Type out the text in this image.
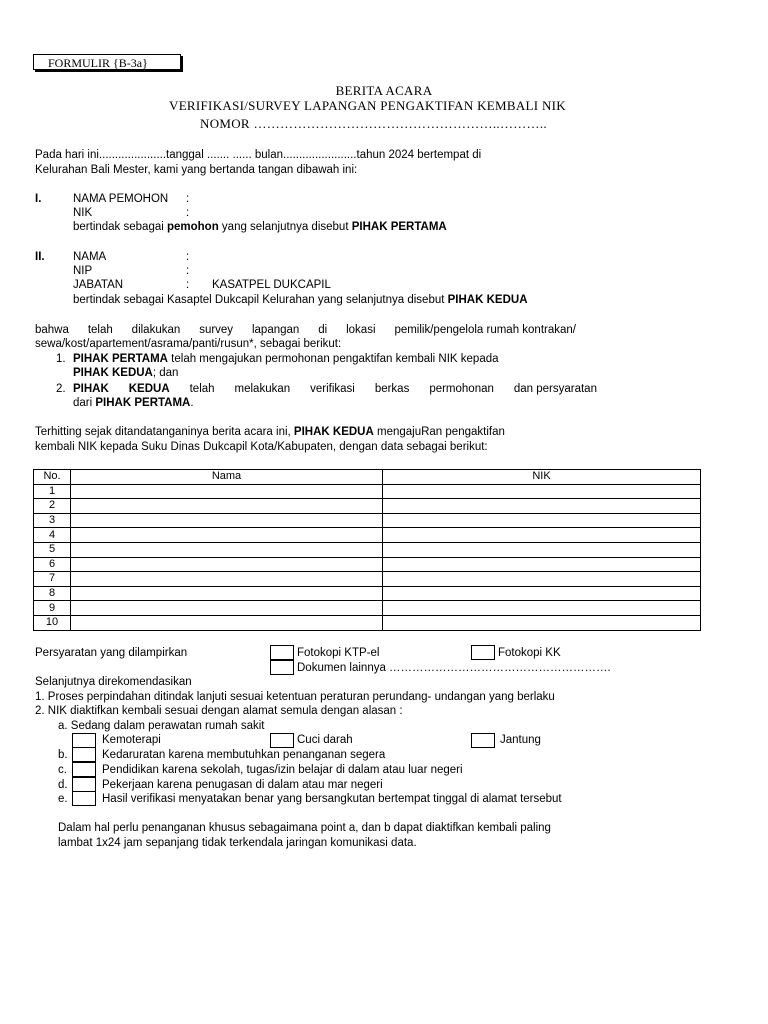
FORMULIR {B-3a}
BERITA ACARA
VERIFIKASI/SURVEY LAPANGAN PENGAKTIFAN KEMBALI NIK
NOMOR ………………………………………………..………..
Pada hari ini.....................tanggal ....... ...... bulan.......................tahun 2024 bertempat di
Kelurahan Bali Mester, kami yang bertanda tangan dibawah ini:
I.	NAMA PEMOHON :
NIK	:
bertindak sebagai pemohon yang selanjutnya disebut PIHAK PERTAMA
II. NAMA	:
NIP	:
JABATAN	: KASATPEL DUKCAPIL
bertindak sebagai Kasaptel Dukcapil Kelurahan yang selanjutnya disebut PIHAK KEDUA
bahwa telah dilakukan survey lapangan di lokasi pemilik/pengelola rumah kontrakan/
sewa/kost/apartement/asrama/panti/rusun*, sebagai berikut:
1. PIHAK PERTAMA telah mengajukan permohonan pengaktifan kembali NIK kepada
PIHAK KEDUA; dan
2. PIHAK KEDUA telah melakukan verifikasi berkas permohonan dan persyaratan
dari PIHAK PERTAMA.
Terhitting sejak ditandatanganinya berita acara ini, PIHAK KEDUA mengajuRan pengaktifan
kembali NIK kepada Suku Dinas Dukcapil Kota/Kabupaten, dengan data sebagai berikut:
No.	Nama	NIK
1		
2		
3		
4		
5		
6		
7		
8		
9		
10		
Persyaratan yang dilampirkan	Fotokopi KTP-el	Fotokopi KK
Dokumen lainnya ………………………………………………….
Selanjutnya direkomendasikan
1. Proses perpindahan ditindak lanjuti sesuai ketentuan peraturan perundang- undangan yang berlaku
2. NIK diaktifkan kembali sesuai dengan alamat semula dengan alasan :
a. Sedang dalam perawatan rumah sakit
Kemoterapi	Cuci darah	Jantung
b.	Kedaruratan karena membutuhkan penanganan segera
c.	Pendidikan karena sekolah, tugas/izin belajar di dalam atau luar negeri
d.	Pekerjaan karena penugasan di dalam atau mar negeri
e.	Hasil verifikasi menyatakan benar yang bersangkutan bertempat tinggal di alamat tersebut
Dalam hal perlu penanganan khusus sebagaimana point a, dan b dapat diaktifkan kembali paling
lambat 1x24 jam sepanjang tidak terkendala jaringan komunikasi data.
